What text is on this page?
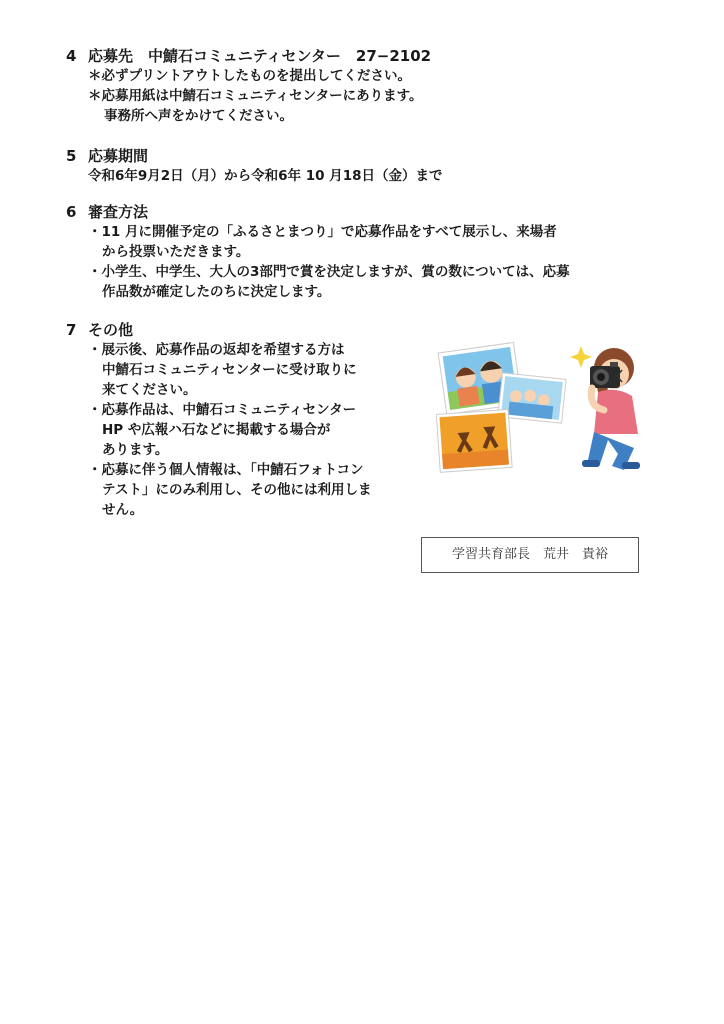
4 応募先　中鯖石コミュニティセンター　27−2102
＊必ずプリントアウトしたものを提出してください。
＊応募用紙は中鯖石コミュニティセンターにあります。
事務所へ声をかけてください。
5 応募期間
令和6年9月2日（月）から令和6年 10 月18日（金）まで
6 審査方法
・11 月に開催予定の「ふるさとまつり」で応募作品をすべて展示し、来場者
から投票いただきます。
・小学生、中学生、大人の3部門で賞を決定しますが、賞の数については、応募
作品数が確定したのちに決定します。
7 その他
・展示後、応募作品の返却を希望する方は
中鯖石コミュニティセンターに受け取りに
来てください。
・応募作品は、中鯖石コミュニティセンター
HP や広報ハ石などに掲載する場合が
あります。
・応募に伴う個人情報は、「中鯖石フォトコン
テスト」にのみ利用し、その他には利用しま
せん。
学習共育部長　荒井　貴裕
